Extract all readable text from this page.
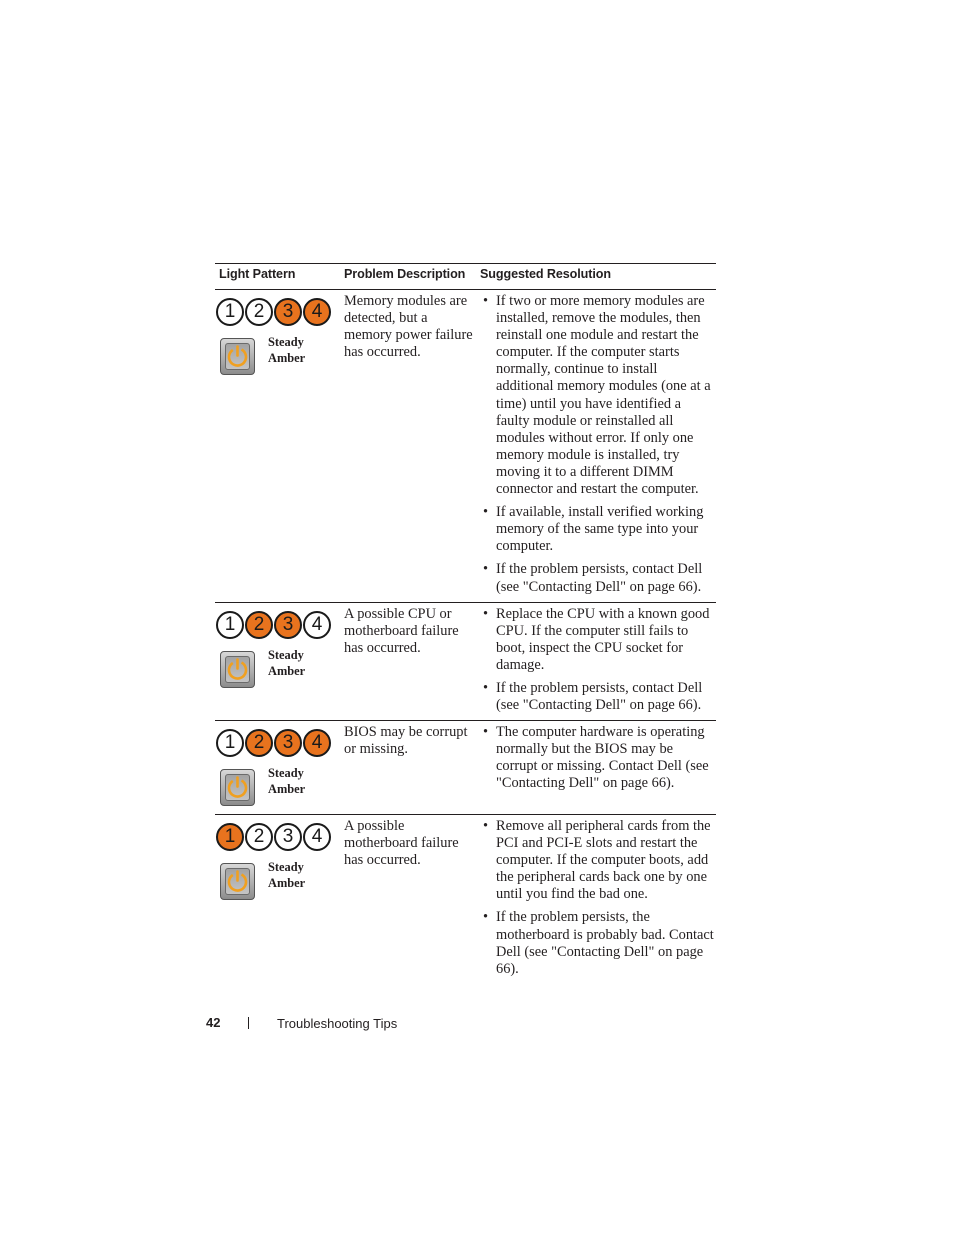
Light Pattern	Problem Description Suggested Resolution
1 2 3 4
Steady
Amber
Memory modules are detected, but a memory power failure has occurred.
• If two or more memory modules are installed, remove the modules, then reinstall one module and restart the computer. If the computer starts normally, continue to install additional memory modules (one at a time) until you have identified a faulty module or reinstalled all modules without error. If only one memory module is installed, try moving it to a different DIMM connector and restart the computer.
• If available, install verified working memory of the same type into your computer.
• If the problem persists, contact Dell (see "Contacting Dell" on page 66).
1 2 3 4
Steady
Amber
A possible CPU or motherboard failure has occurred.
• Replace the CPU with a known good CPU. If the computer still fails to boot, inspect the CPU socket for damage.
• If the problem persists, contact Dell (see "Contacting Dell" on page 66).
1 2 3 4
Steady
Amber
BIOS may be corrupt or missing.
• The computer hardware is operating normally but the BIOS may be corrupt or missing. Contact Dell (see "Contacting Dell" on page 66).
1 2 3 4
Steady
Amber
A possible motherboard failure has occurred.
• Remove all peripheral cards from the PCI and PCI-E slots and restart the computer. If the computer boots, add the peripheral cards back one by one until you find the bad one.
• If the problem persists, the motherboard is probably bad. Contact Dell (see "Contacting Dell" on page 66).
42	Troubleshooting Tips
